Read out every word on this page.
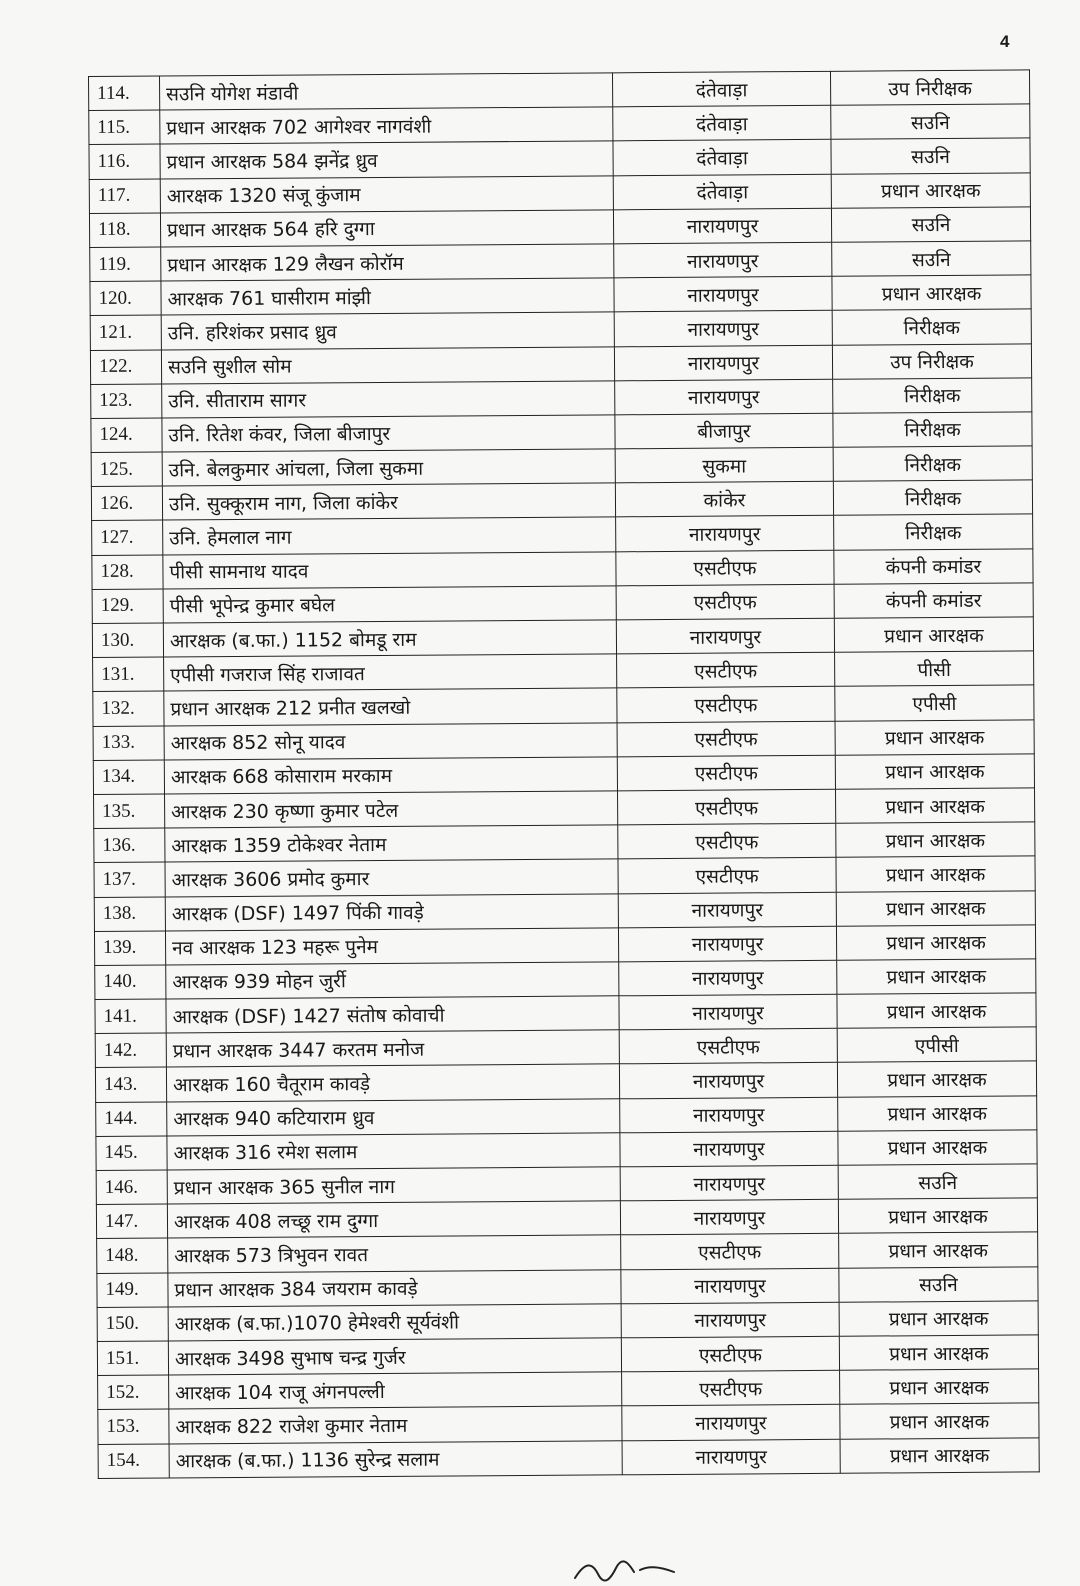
4
114.	सउनि योगेश मंडावी	दंतेवाड़ा	उप निरीक्षक
115.	प्रधान आरक्षक 702 आगेश्वर नागवंशी	दंतेवाड़ा	सउनि
116.	प्रधान आरक्षक 584 झनेंद्र ध्रुव	दंतेवाड़ा	सउनि
117.	आरक्षक 1320 संजू कुंजाम	दंतेवाड़ा	प्रधान आरक्षक
118.	प्रधान आरक्षक 564 हरि दुग्गा	नारायणपुर	सउनि
119.	प्रधान आरक्षक 129 लैखन कोरॉम	नारायणपुर	सउनि
120.	आरक्षक 761 घासीराम मांझी	नारायणपुर	प्रधान आरक्षक
121.	उनि. हरिशंकर प्रसाद ध्रुव	नारायणपुर	निरीक्षक
122.	सउनि सुशील सोम	नारायणपुर	उप निरीक्षक
123.	उनि. सीताराम सागर	नारायणपुर	निरीक्षक
124.	उनि. रितेश कंवर, जिला बीजापुर	बीजापुर	निरीक्षक
125.	उनि. बेलकुमार आंचला, जिला सुकमा	सुकमा	निरीक्षक
126.	उनि. सुक्कूराम नाग, जिला कांकेर	कांकेर	निरीक्षक
127.	उनि. हेमलाल नाग	नारायणपुर	निरीक्षक
128.	पीसी सामनाथ यादव	एसटीएफ	कंपनी कमांडर
129.	पीसी भूपेन्द्र कुमार बघेल	एसटीएफ	कंपनी कमांडर
130.	आरक्षक (ब.फा.) 1152 बोमडू राम	नारायणपुर	प्रधान आरक्षक
131.	एपीसी गजराज सिंह राजावत	एसटीएफ	पीसी
132.	प्रधान आरक्षक 212 प्रनीत खलखो	एसटीएफ	एपीसी
133.	आरक्षक 852 सोनू यादव	एसटीएफ	प्रधान आरक्षक
134.	आरक्षक 668 कोसाराम मरकाम	एसटीएफ	प्रधान आरक्षक
135.	आरक्षक 230 कृष्णा कुमार पटेल	एसटीएफ	प्रधान आरक्षक
136.	आरक्षक 1359 टोकेश्वर नेताम	एसटीएफ	प्रधान आरक्षक
137.	आरक्षक 3606 प्रमोद कुमार	एसटीएफ	प्रधान आरक्षक
138.	आरक्षक (DSF) 1497 पिंकी गावड़े	नारायणपुर	प्रधान आरक्षक
139.	नव आरक्षक 123 महरू पुनेम	नारायणपुर	प्रधान आरक्षक
140.	आरक्षक 939 मोहन जुर्री	नारायणपुर	प्रधान आरक्षक
141.	आरक्षक (DSF) 1427 संतोष कोवाची	नारायणपुर	प्रधान आरक्षक
142.	प्रधान आरक्षक 3447 करतम मनोज	एसटीएफ	एपीसी
143.	आरक्षक 160 चैतूराम कावड़े	नारायणपुर	प्रधान आरक्षक
144.	आरक्षक 940 कटियाराम ध्रुव	नारायणपुर	प्रधान आरक्षक
145.	आरक्षक 316 रमेश सलाम	नारायणपुर	प्रधान आरक्षक
146.	प्रधान आरक्षक 365 सुनील नाग	नारायणपुर	सउनि
147.	आरक्षक 408 लच्छू राम दुग्गा	नारायणपुर	प्रधान आरक्षक
148.	आरक्षक 573 त्रिभुवन रावत	एसटीएफ	प्रधान आरक्षक
149.	प्रधान आरक्षक 384 जयराम कावड़े	नारायणपुर	सउनि
150.	आरक्षक (ब.फा.)1070 हेमेश्वरी सूर्यवंशी	नारायणपुर	प्रधान आरक्षक
151.	आरक्षक 3498 सुभाष चन्द्र गुर्जर	एसटीएफ	प्रधान आरक्षक
152.	आरक्षक 104 राजू अंगनपल्ली	एसटीएफ	प्रधान आरक्षक
153.	आरक्षक 822 राजेश कुमार नेताम	नारायणपुर	प्रधान आरक्षक
154.	आरक्षक (ब.फा.) 1136 सुरेन्द्र सलाम	नारायणपुर	प्रधान आरक्षक
